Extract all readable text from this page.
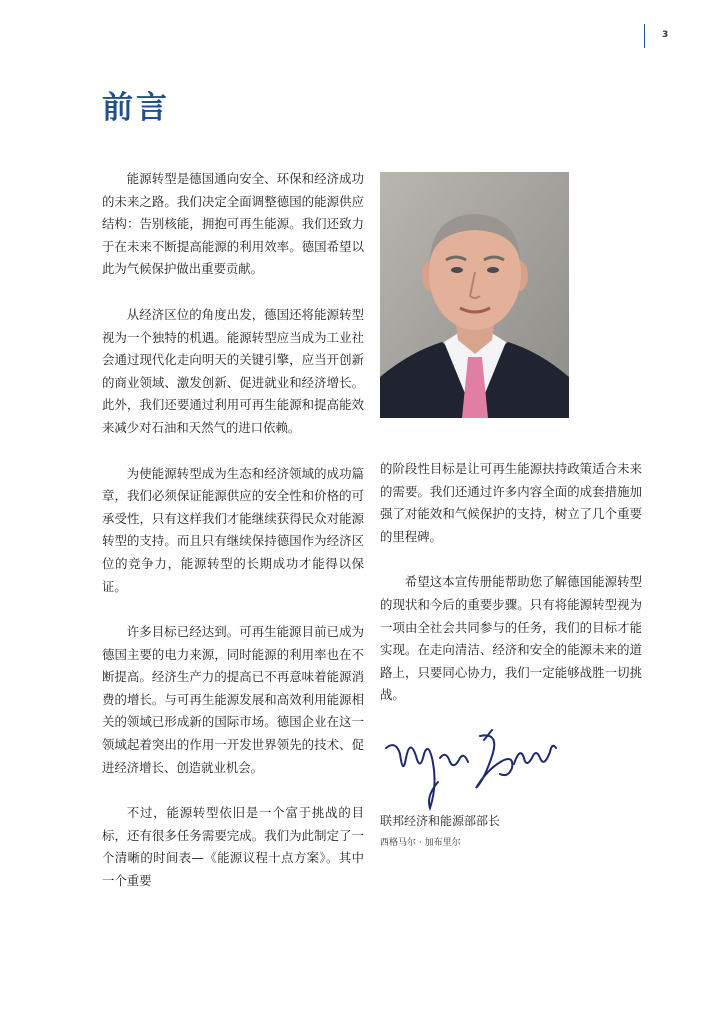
3
前言

能源转型是德国通向安全、环保和经济成功的未来之路。我们决定全面调整德国的能源供应结构：告别核能，拥抱可再生能源。我们还致力于在未来不断提高能源的利用效率。德国希望以此为气候保护做出重要贡献。

从经济区位的角度出发，德国还将能源转型视为一个独特的机遇。能源转型应当成为工业社会通过现代化走向明天的关键引擎，应当开创新的商业领域、激发创新、促进就业和经济增长。此外，我们还要通过利用可再生能源和提高能效来减少对石油和天然气的进口依赖。

为使能源转型成为生态和经济领域的成功篇章，我们必须保证能源供应的安全性和价格的可承受性，只有这样我们才能继续获得民众对能源转型的支持。而且只有继续保持德国作为经济区位的竞争力，能源转型的长期成功才能得以保证。

许多目标已经达到。可再生能源目前已成为德国主要的电力来源，同时能源的利用率也在不断提高。经济生产力的提高已不再意味着能源消费的增长。与可再生能源发展和高效利用能源相关的领域已形成新的国际市场。德国企业在这一领域起着突出的作用一开发世界领先的技术、促进经济增长、创造就业机会。

不过，能源转型依旧是一个富于挑战的目标，还有很多任务需要完成。我们为此制定了一个清晰的时间表—《能源议程十点方案》。其中一个重要

的阶段性目标是让可再生能源扶持政策适合未来的需要。我们还通过许多内容全面的成套措施加强了对能效和气候保护的支持，树立了几个重要的里程碑。

希望这本宣传册能帮助您了解德国能源转型的现状和今后的重要步骤。只有将能源转型视为一项由全社会共同参与的任务，我们的目标才能实现。在走向清洁、经济和安全的能源未来的道路上，只要同心协力，我们一定能够战胜一切挑战。

联邦经济和能源部部长

西格马尔 · 加布里尔
